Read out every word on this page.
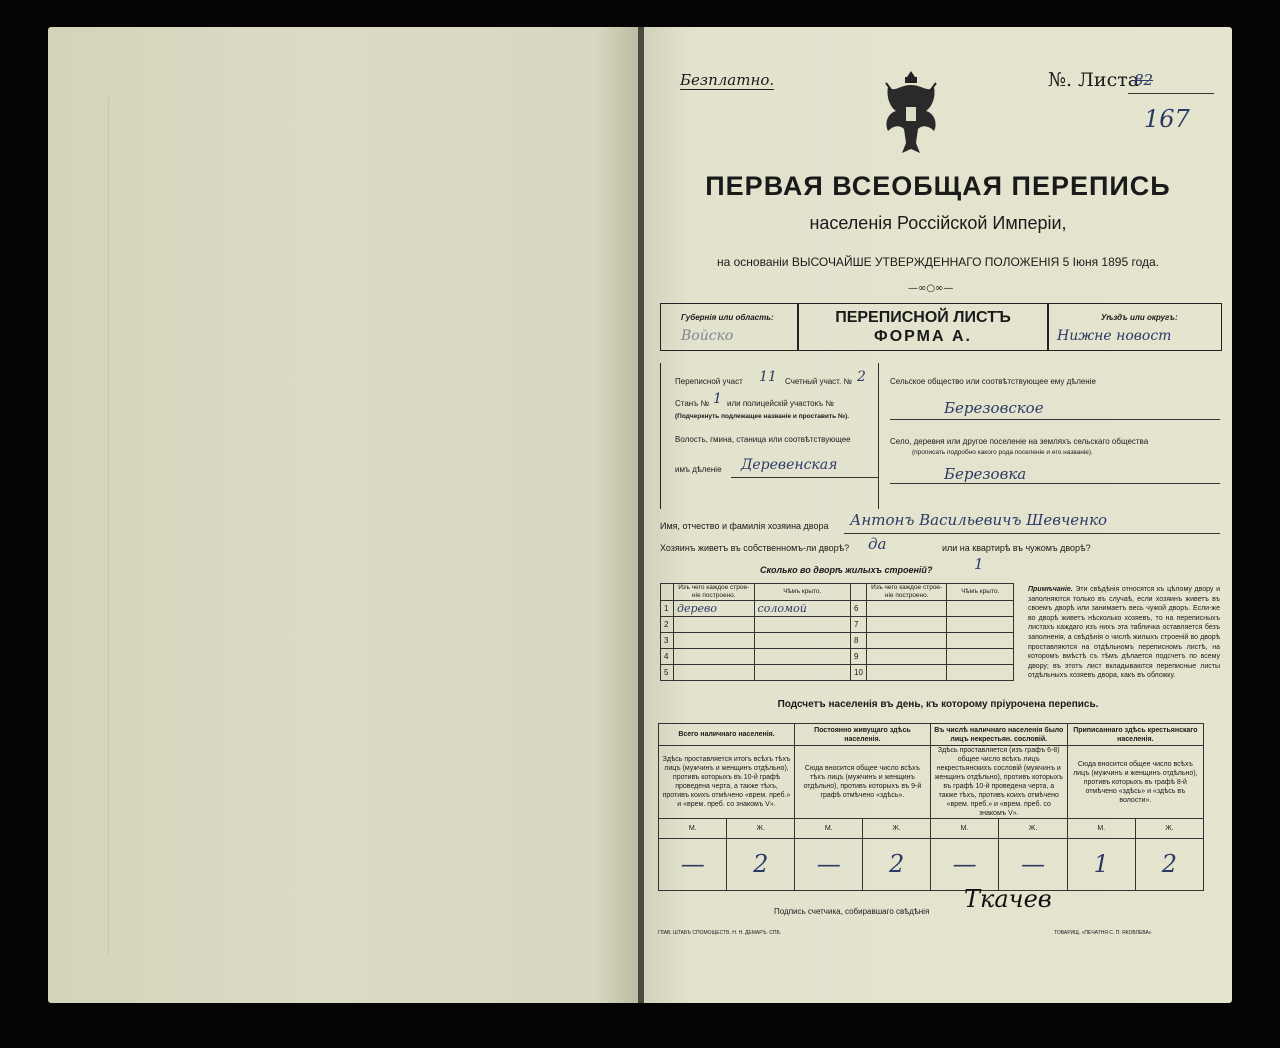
Безплатно.	№. Листа
82
167
ПЕРВАЯ ВСЕОБЩАЯ ПЕРЕПИСЬ
населенія Россійской Имперіи,
на основаніи ВЫСОЧАЙШЕ УТВЕРЖДЕННАГО ПОЛОЖЕНІЯ 5 Іюня 1895 года.
—∞○∞—
Губернія или область:
Войско
ПЕРЕПИСНОЙ ЛИСТЪ
ФОРМА А.
Уѣздъ или округъ:
Нижне новост
Переписной участ 11 Счетный участ. № 2
Станъ № 1 или полицейскій участокъ №
(Подчеркнуть подлежащее названіе и проставить №).
Волость, гмина, станица или соотвѣтствующее
имъ дѣленіе Деревенская
Сельское общество или соотвѣтствующее ему дѣленіе
Березовское
Село, деревня или другое поселеніе на земляхъ сельскаго общества
(прописать подробно какого рода поселеніе и его названіе).
Березовка
Имя, отчество и фамилія хозяина двора Антонъ Васильевичъ Шевченко
Хозяинъ живетъ въ собственномъ-ли дворѣ? да	или на квартирѣ въ чужомъ дворѣ?
Сколько во дворѣ жилыхъ строеній?	1
	Изъ чего каждое строе-ніе построено.	Чѣмъ крыто.		Изъ чего каждое строе-ніе построено.	Чѣмъ крыто.
1	дерево	соломой	6		
2			7		
3			8		
4			9		
5			10		
Примѣчаніе. Эти свѣдѣнія относятся къ цѣлому двору и заполняются только въ случаѣ, если хозяинъ живетъ въ своемъ дворѣ или занимаетъ весь чужой дворъ. Если-же во дворѣ живетъ нѣсколько хозяевъ, то на переписныхъ листахъ каждаго изъ нихъ эта табличка оставляется безъ заполненія, а свѣдѣнія о числѣ жилыхъ строеній во дворѣ проставляются на отдѣльномъ переписномъ листѣ, на которомъ вмѣстѣ съ тѣмъ дѣлается подсчетъ по всему двору; въ этотъ лист вкладываются переписные листы отдѣльныхъ хозяевъ двора, какъ въ обложку.
Подсчетъ населенія въ день, къ которому пріурочена перепись.
Всего наличнаго населенія.		Постоянно живущаго здѣсь населенія.		Въ числѣ наличнаго населенія было лицъ некрестьян. сословій.		Приписаннаго здѣсь крестьянскаго населенія.	
Здѣсь проставляется итогъ всѣхъ тѣхъ лицъ (мужчинъ и женщинъ отдѣльно), противъ которыхъ въ 10-й графѣ проведена черта, а также тѣхъ, противъ коихъ отмѣчено «врем. преб.» и «врем. преб. со знакомъ V».		Сюда вносится общее число всѣхъ тѣхъ лицъ (мужчинъ и женщинъ отдѣльно), противъ которыхъ въ 9-й графѣ отмѣчено «здѣсь».		Здѣсь проставляется (изъ графъ 6-8) общее число всѣхъ лицъ некрестьянскихъ сословій (мужчинъ и женщинъ отдѣльно), противъ которыхъ въ графѣ 10-й проведена черта, а также тѣхъ, противъ коихъ отмѣчено «врем. преб.» и «врем. преб. со знакомъ V».		Сюда вносится общее число всѣхъ лицъ (мужчинъ и женщинъ отдѣльно), противъ которыхъ въ графѣ 8-й отмѣчено «здѣсь» и «здѣсь въ волости».	
М.	Ж.	М.	Ж.	М.	Ж.	М.	Ж.
—	2	—	2	—	—	1	2
Подпись счетчика, собиравшаго свѣдѣнія Ткачев
ГЛАВ. ШТАБЪ СПОМОЩЕСТВ. Н. Н. ДЕМАРЪ. СПБ.	ТОВАРИЩ. «ПЕЧАТНЯ С. П. ЯКОВЛЕВА»
